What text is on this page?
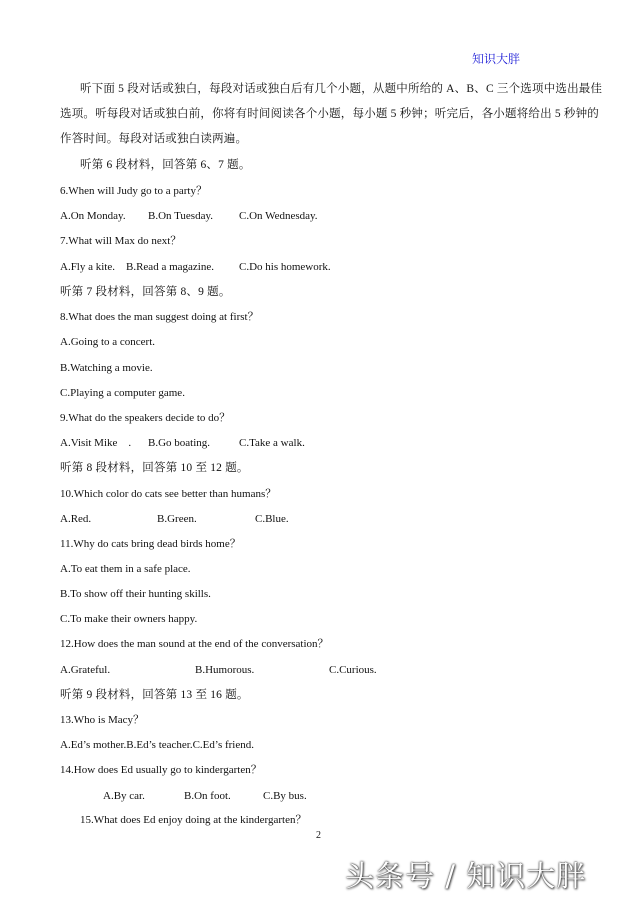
知识大胖
听下面 5 段对话或独白，每段对话或独白后有几个小题，从题中所给的 A、B、C 三个选项中选出最佳
选项。听每段对话或独白前，你将有时间阅读各个小题，每小题 5 秒钟；听完后，各小题将给出 5 秒钟的
作答时间。每段对话或独白读两遍。
听第 6 段材料，回答第 6、7 题。
6.When will Judy go to a party？
A.On Monday. B.On Tuesday. C.On Wednesday.
7.What will Max do next？
A.Fly a kite. B.Read a magazine. C.Do his homework.
听第 7 段材料，回答第 8、9 题。
8.What does the man suggest doing at first？
A.Going to a concert.
B.Watching a movie.
C.Playing a computer game.
9.What do the speakers decide to do？
A.Visit Mike　. B.Go boating.	C.Take a walk.
听第 8 段材料，回答第 10 至 12 题。
10.Which color do cats see better than humans？
A.Red.	B.Green.	C.Blue.
11.Why do cats bring dead birds home？
A.To eat them in a safe place.
B.To show off their hunting skills.
C.To make their owners happy.
12.How does the man sound at the end of the conversation？
A.Grateful.	B.Humorous.	C.Curious.
听第 9 段材料，回答第 13 至 16 题。
13.Who is Macy？
A.Ed’s mother.B.Ed’s teacher.C.Ed’s friend.
14.How does Ed usually go to kindergarten？
A.By car.	B.On foot.	C.By bus.
15.What does Ed enjoy doing at the kindergarten？
2
头条号 / 知识大胖
